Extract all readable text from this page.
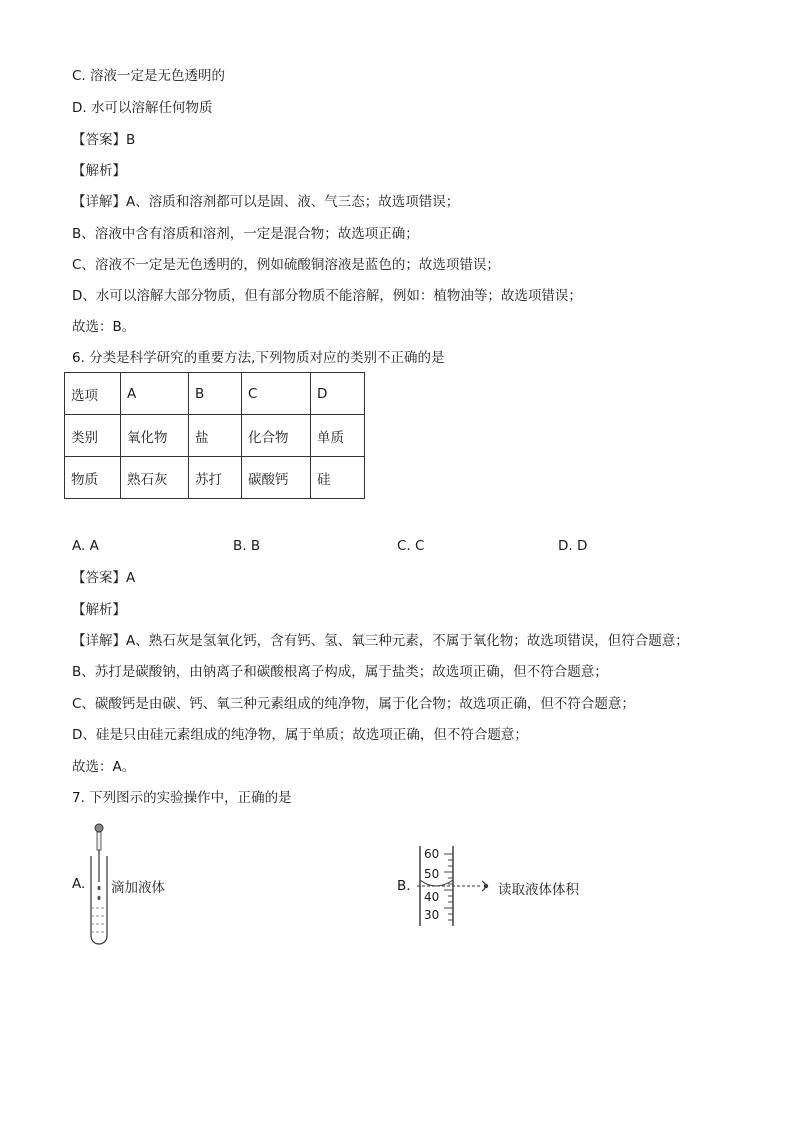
C. 溶液一定是无色透明的
D. 水可以溶解任何物质
【答案】B
【解析】
【详解】A、溶质和溶剂都可以是固、液、气三态；故选项错误；
B、溶液中含有溶质和溶剂，一定是混合物；故选项正确；
C、溶液不一定是无色透明的，例如硫酸铜溶液是蓝色的；故选项错误；
D、水可以溶解大部分物质，但有部分物质不能溶解，例如：植物油等；故选项错误；
故选：B。
6. 分类是科学研究的重要方法,下列物质对应的类别不正确的是
选项	A	B	C	D
类别	氧化物	盐	化合物	单质
物质	熟石灰	苏打	碳酸钙	硅
A. A	B. B	C. C	D. D
【答案】A
【解析】
【详解】A、熟石灰是氢氧化钙，含有钙、氢、氧三种元素，不属于氧化物；故选项错误，但符合题意；
B、苏打是碳酸钠，由钠离子和碳酸根离子构成，属于盐类；故选项正确，但不符合题意；
C、碳酸钙是由碳、钙、氧三种元素组成的纯净物，属于化合物；故选项正确，但不符合题意；
D、硅是只由硅元素组成的纯净物，属于单质；故选项正确，但不符合题意；
故选：A。
7. 下列图示的实验操作中，正确的是
A. 滴加液体	B.
60
50
40
30
读取液体体积
